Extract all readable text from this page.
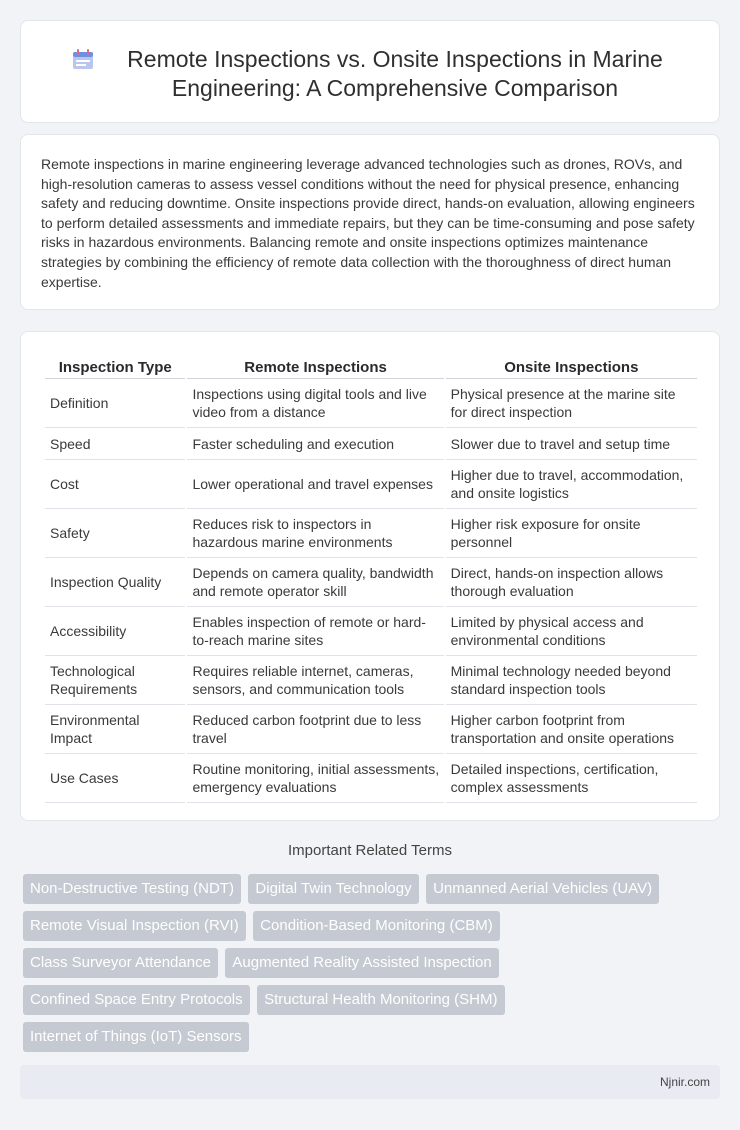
Remote Inspections vs. Onsite Inspections in Marine Engineering: A Comprehensive Comparison

Remote inspections in marine engineering leverage advanced technologies such as drones, ROVs, and high-resolution cameras to assess vessel conditions without the need for physical presence, enhancing safety and reducing downtime. Onsite inspections provide direct, hands-on evaluation, allowing engineers to perform detailed assessments and immediate repairs, but they can be time-consuming and pose safety risks in hazardous environments. Balancing remote and onsite inspections optimizes maintenance strategies by combining the efficiency of remote data collection with the thoroughness of direct human expertise.

Inspection Type	Remote Inspections	Onsite Inspections
Definition	Inspections using digital tools and live video from a distance	Physical presence at the marine site for direct inspection
Speed	Faster scheduling and execution	Slower due to travel and setup time
Cost	Lower operational and travel expenses	Higher due to travel, accommodation, and onsite logistics
Safety	Reduces risk to inspectors in hazardous marine environments	Higher risk exposure for onsite personnel
Inspection Quality	Depends on camera quality, bandwidth and remote operator skill	Direct, hands-on inspection allows thorough evaluation
Accessibility	Enables inspection of remote or hard-to-reach marine sites	Limited by physical access and environmental conditions
Technological Requirements	Requires reliable internet, cameras, sensors, and communication tools	Minimal technology needed beyond standard inspection tools
Environmental Impact	Reduced carbon footprint due to less travel	Higher carbon footprint from transportation and onsite operations
Use Cases	Routine monitoring, initial assessments, emergency evaluations	Detailed inspections, certification, complex assessments
Important Related Terms
Non-Destructive Testing (NDT) Digital Twin Technology Unmanned Aerial Vehicles (UAV)
Remote Visual Inspection (RVI) Condition-Based Monitoring (CBM)
Class Surveyor Attendance Augmented Reality Assisted Inspection
Confined Space Entry Protocols Structural Health Monitoring (SHM)
Internet of Things (IoT) Sensors
Njnir.com
